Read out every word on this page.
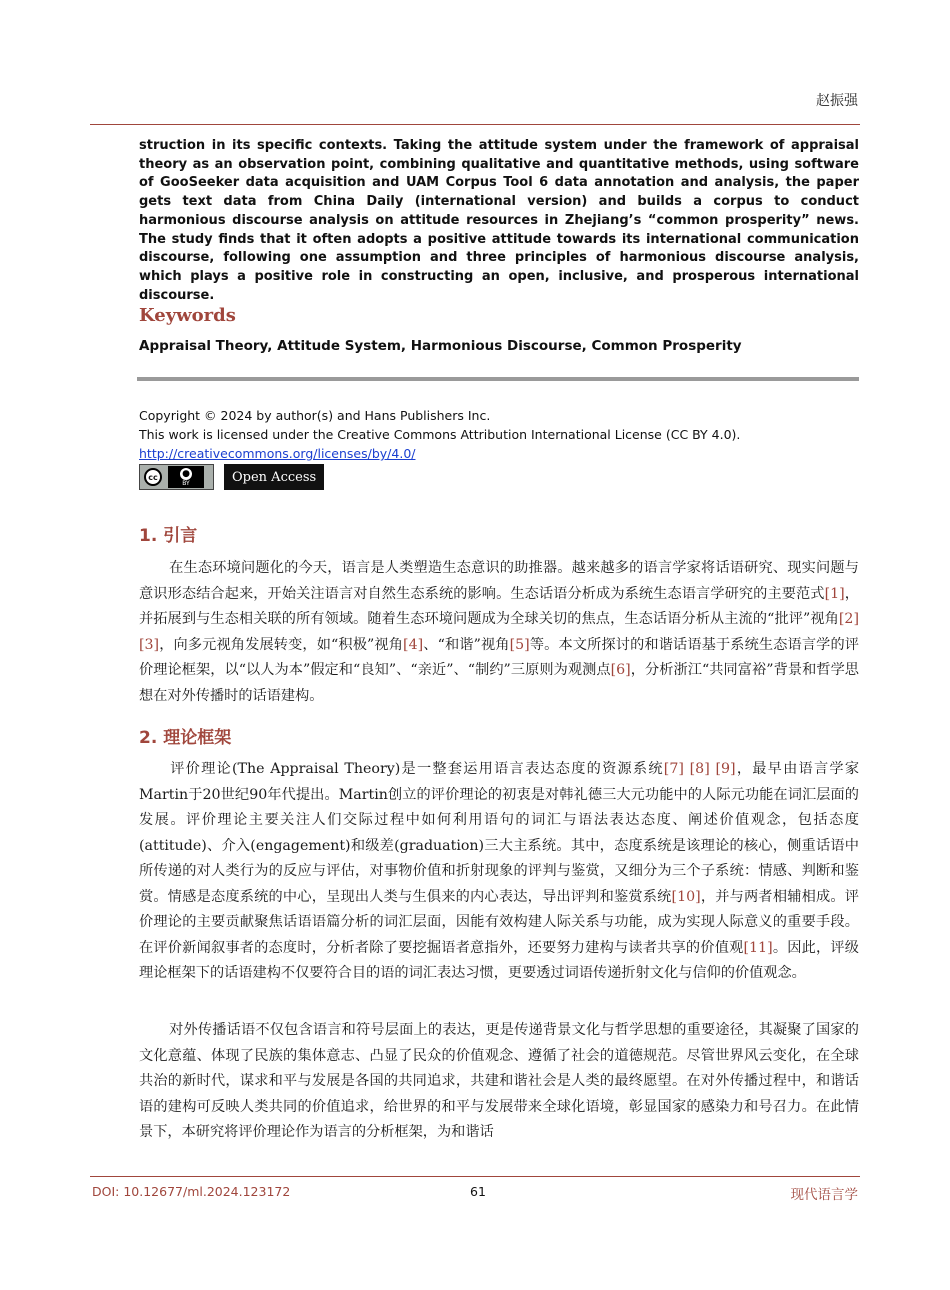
赵振强
struction in its specific contexts. Taking the attitude system under the framework of appraisal theory as an observation point, combining qualitative and quantitative methods, using software of GooSeeker data acquisition and UAM Corpus Tool 6 data annotation and analysis, the paper gets text data from China Daily (international version) and builds a corpus to conduct harmonious discourse analysis on attitude resources in Zhejiang’s “common prosperity” news. The study finds that it often adopts a positive attitude towards its international communication discourse, following one assumption and three principles of harmonious discourse analysis, which plays a positive role in constructing an open, inclusive, and prosperous international discourse.
Keywords
Appraisal Theory, Attitude System, Harmonious Discourse, Common Prosperity
Copyright © 2024 by author(s) and Hans Publishers Inc.
This work is licensed under the Creative Commons Attribution International License (CC BY 4.0).
http://creativecommons.org/licenses/by/4.0/
cc	●
BY	Open Access
1. 引言
在生态环境问题化的今天，语言是人类塑造生态意识的助推器。越来越多的语言学家将话语研究、现实问题与意识形态结合起来，开始关注语言对自然生态系统的影响。生态话语分析成为系统生态语言学研究的主要范式[1]，并拓展到与生态相关联的所有领域。随着生态环境问题成为全球关切的焦点，生态话语分析从主流的“批评”视角[2] [3]，向多元视角发展转变，如“积极”视角[4]、“和谐”视角[5]等。本文所探讨的和谐话语基于系统生态语言学的评价理论框架，以“以人为本”假定和“良知”、“亲近”、“制约”三原则为观测点[6]，分析浙江“共同富裕”背景和哲学思想在对外传播时的话语建构。
2. 理论框架
评价理论(The Appraisal Theory)是一整套运用语言表达态度的资源系统[7] [8] [9]，最早由语言学家Martin于20世纪90年代提出。Martin创立的评价理论的初衷是对韩礼德三大元功能中的人际元功能在词汇层面的发展。评价理论主要关注人们交际过程中如何利用语句的词汇与语法表达态度、阐述价值观念，包括态度(attitude)、介入(engagement)和级差(graduation)三大主系统。其中，态度系统是该理论的核心，侧重话语中所传递的对人类行为的反应与评估，对事物价值和折射现象的评判与鉴赏，又细分为三个子系统：情感、判断和鉴赏。情感是态度系统的中心，呈现出人类与生俱来的内心表达，导出评判和鉴赏系统[10]，并与两者相辅相成。评价理论的主要贡献聚焦话语语篇分析的词汇层面，因能有效构建人际关系与功能，成为实现人际意义的重要手段。在评价新闻叙事者的态度时，分析者除了要挖掘语者意指外，还要努力建构与读者共享的价值观[11]。因此，评级理论框架下的话语建构不仅要符合目的语的词汇表达习惯，更要透过词语传递折射文化与信仰的价值观念。
对外传播话语不仅包含语言和符号层面上的表达，更是传递背景文化与哲学思想的重要途径，其凝聚了国家的文化意蕴、体现了民族的集体意志、凸显了民众的价值观念、遵循了社会的道德规范。尽管世界风云变化，在全球共治的新时代，谋求和平与发展是各国的共同追求，共建和谐社会是人类的最终愿望。在对外传播过程中，和谐话语的建构可反映人类共同的价值追求，给世界的和平与发展带来全球化语境，彰显国家的感染力和号召力。在此情景下，本研究将评价理论作为语言的分析框架，为和谐话
DOI: 10.12677/ml.2024.123172	61	现代语言学
